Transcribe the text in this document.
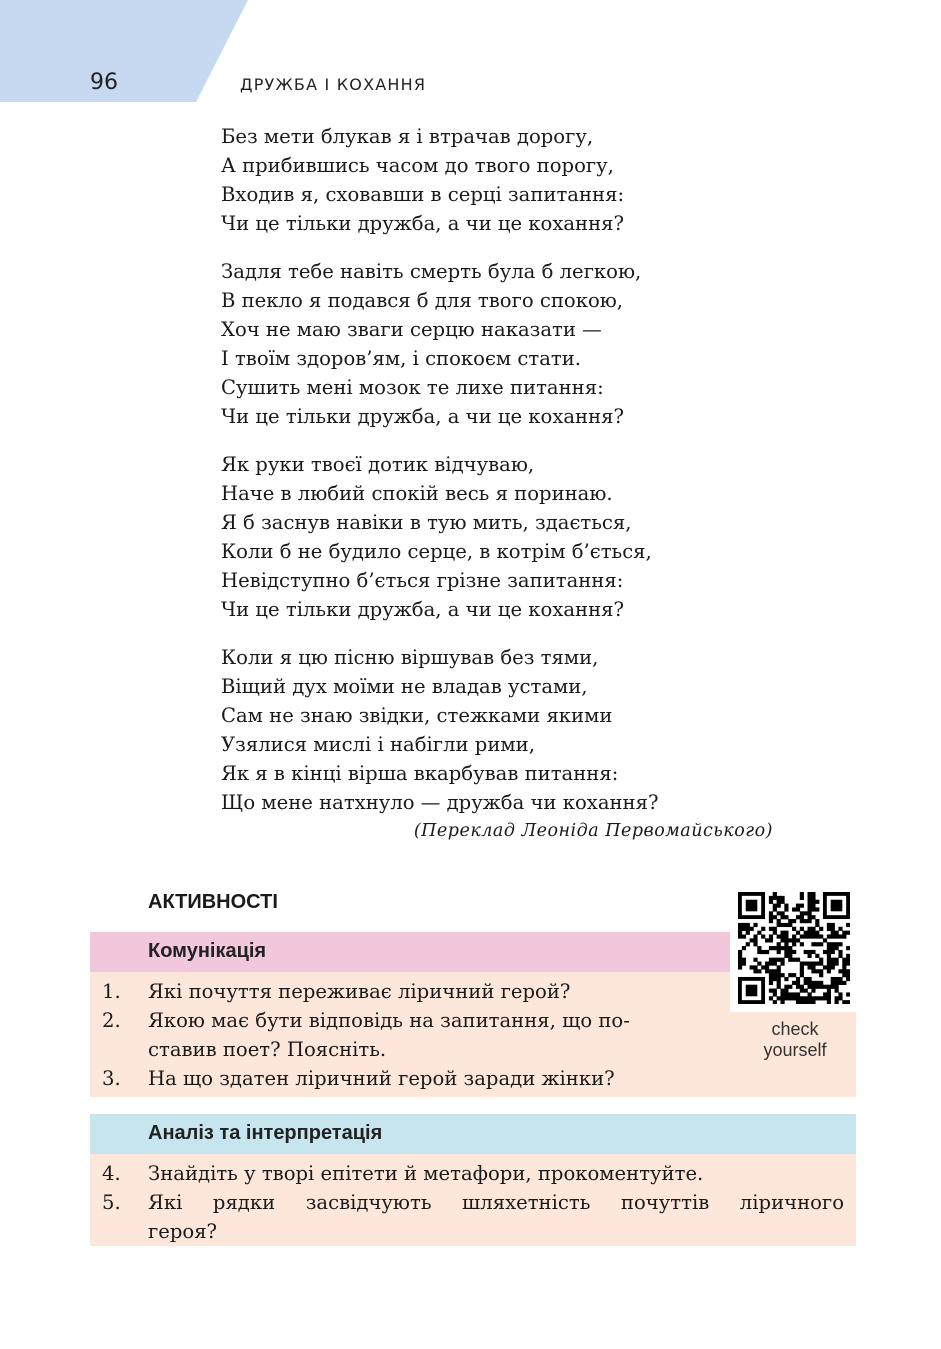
96	ДРУЖБА І КОХАННЯ
Без мети блукав я і втрачав дорогу,
А прибившись часом до твого порогу,
Входив я, сховавши в серці запитання:
Чи це тільки дружба, а чи це кохання?
Задля тебе навіть смерть була б легкою,
В пекло я подався б для твого спокою,
Хоч не маю зваги серцю наказати —
І твоїм здоров’ям, і спокоєм стати.
Сушить мені мозок те лихе питання:
Чи це тільки дружба, а чи це кохання?
Як руки твоєї дотик відчуваю,
Наче в любий спокій весь я поринаю.
Я б заснув навіки в тую мить, здається,
Коли б не будило серце, в котрім б’ється,
Невідступно б’ється грізне запитання:
Чи це тільки дружба, а чи це кохання?
Коли я цю пісню віршував без тями,
Віщий дух моїми не владав устами,
Сам не знаю звідки, стежками якими
Узялися мислі і набігли рими,
Як я в кінці вірша вкарбував питання:
Що мене натхнуло — дружба чи кохання?
(Переклад Леоніда Первомайського)
АКТИВНОСТІ
Комунікація
1.	Які почуття переживає ліричний герой?
2.	Якою має бути відповідь на запитання, що по-
ставив поет? Поясніть.
3.	На що здатен ліричний герой заради жінки?
Аналіз та інтерпретація
4.	Знайдіть у творі епітети й метафори, прокоментуйте.
5.	Які рядки засвідчують шляхетність почуттів ліричного
героя?
check
yourself
